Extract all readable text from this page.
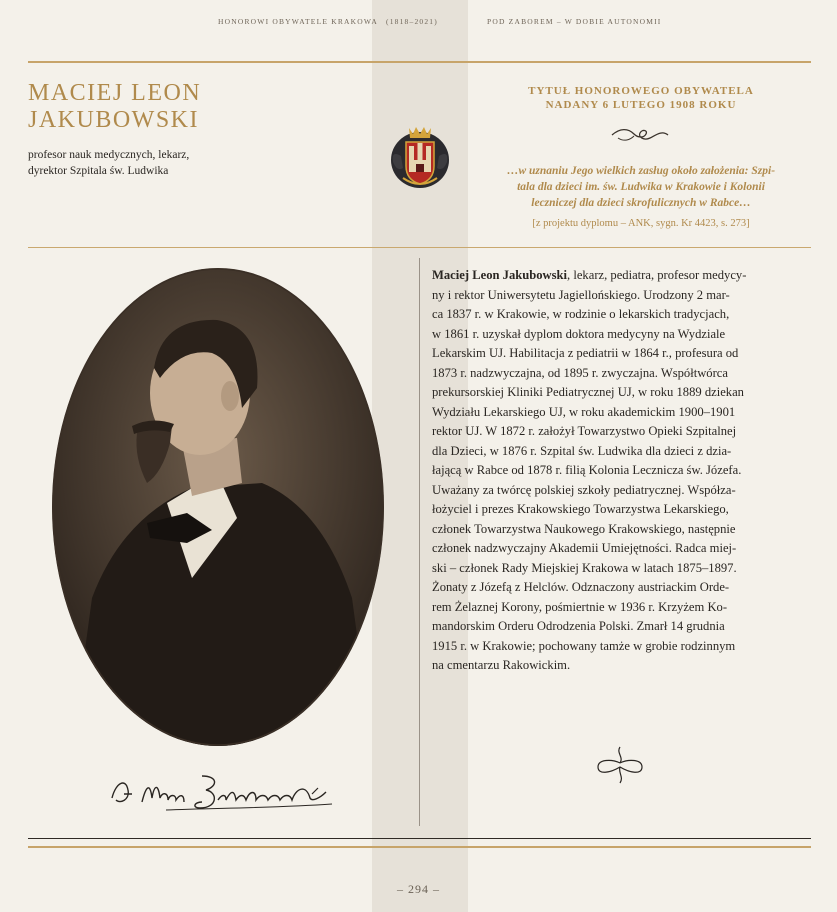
HONOROWI OBYWATELE KRAKOWA (1818–2021)	POD ZABOREM – W DOBIE AUTONOMII
MACIEJ LEON
JAKUBOWSKI
profesor nauk medycznych, lekarz,
dyrektor Szpitala św. Ludwika
TYTUŁ HONOROWEGO OBYWATELA
NADANY 6 LUTEGO 1908 ROKU
…w uznaniu Jego wielkich zasług około założenia: Szpi-
tala dla dzieci im. św. Ludwika w Krakowie i Kolonii
leczniczej dla dzieci skrofulicznych w Rabce…
[z projektu dyplomu – ANK, sygn. Kr 4423, s. 273]
Maciej Leon Jakubowski, lekarz, pediatra, profesor medycy-
ny i rektor Uniwersytetu Jagiellońskiego. Urodzony 2 mar-
ca 1837 r. w Krakowie, w rodzinie o lekarskich tradycjach,
w 1861 r. uzyskał dyplom doktora medycyny na Wydziale
Lekarskim UJ. Habilitacja z pediatrii w 1864 r., profesura od
1873 r. nadzwyczajna, od 1895 r. zwyczajna. Współtwórca
prekursorskiej Kliniki Pediatrycznej UJ, w roku 1889 dziekan
Wydziału Lekarskiego UJ, w roku akademickim 1900–1901
rektor UJ. W 1872 r. założył Towarzystwo Opieki Szpitalnej
dla Dzieci, w 1876 r. Szpital św. Ludwika dla dzieci z dzia-
łającą w Rabce od 1878 r. filią Kolonia Lecznicza św. Józefa.
Uważany za twórcę polskiej szkoły pediatrycznej. Współza-
łożyciel i prezes Krakowskiego Towarzystwa Lekarskiego,
członek Towarzystwa Naukowego Krakowskiego, następnie
członek nadzwyczajny Akademii Umiejętności. Radca miej-
ski – członek Rady Miejskiej Krakowa w latach 1875–1897.
Żonaty z Józefą z Helclów. Odznaczony austriackim Orde-
rem Żelaznej Korony, pośmiertnie w 1936 r. Krzyżem Ko-
mandorskim Orderu Odrodzenia Polski. Zmarł 14 grudnia
1915 r. w Krakowie; pochowany tamże w grobie rodzinnym
na cmentarzu Rakowickim.
– 294 –
